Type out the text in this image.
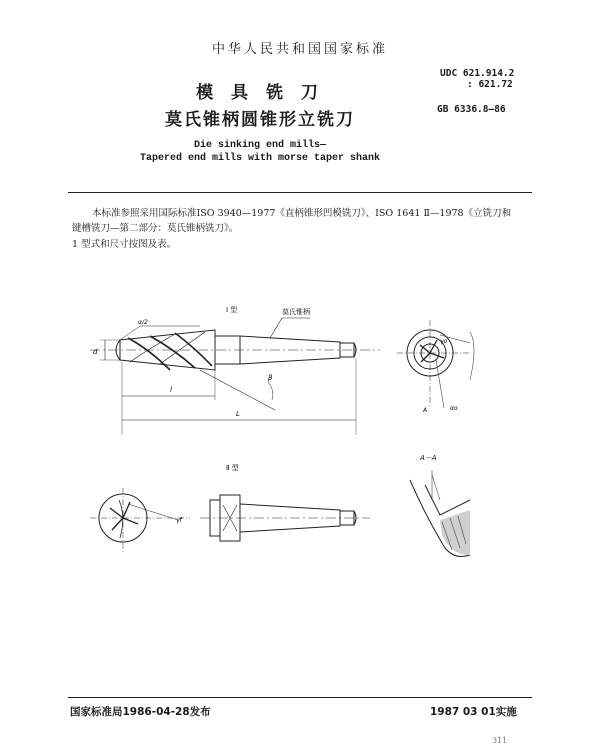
中华人民共和国国家标准
模 具 铣 刀
莫氏锥柄圆锥形立铣刀
UDC 621.914.2
: 621.72
GB 6336.8—86
Die sinking end mills—
Tapered end mills with morse taper shank
本标准参照采用国际标准ISO 3940—1977《直柄锥形凹模铣刀》、ISO 1641 Ⅱ—1978《立铣刀和
键槽铣刀—第二部分：莫氏锥柄铣刀》。
1 型式和尺寸按图及表。
Ⅰ 型	莫氏锥柄
d
α/2
β
l
L
γo
αo
A
Ⅱ 型
γf
A－A
国家标准局1986-04-28发布	1987 03 01实施
311
